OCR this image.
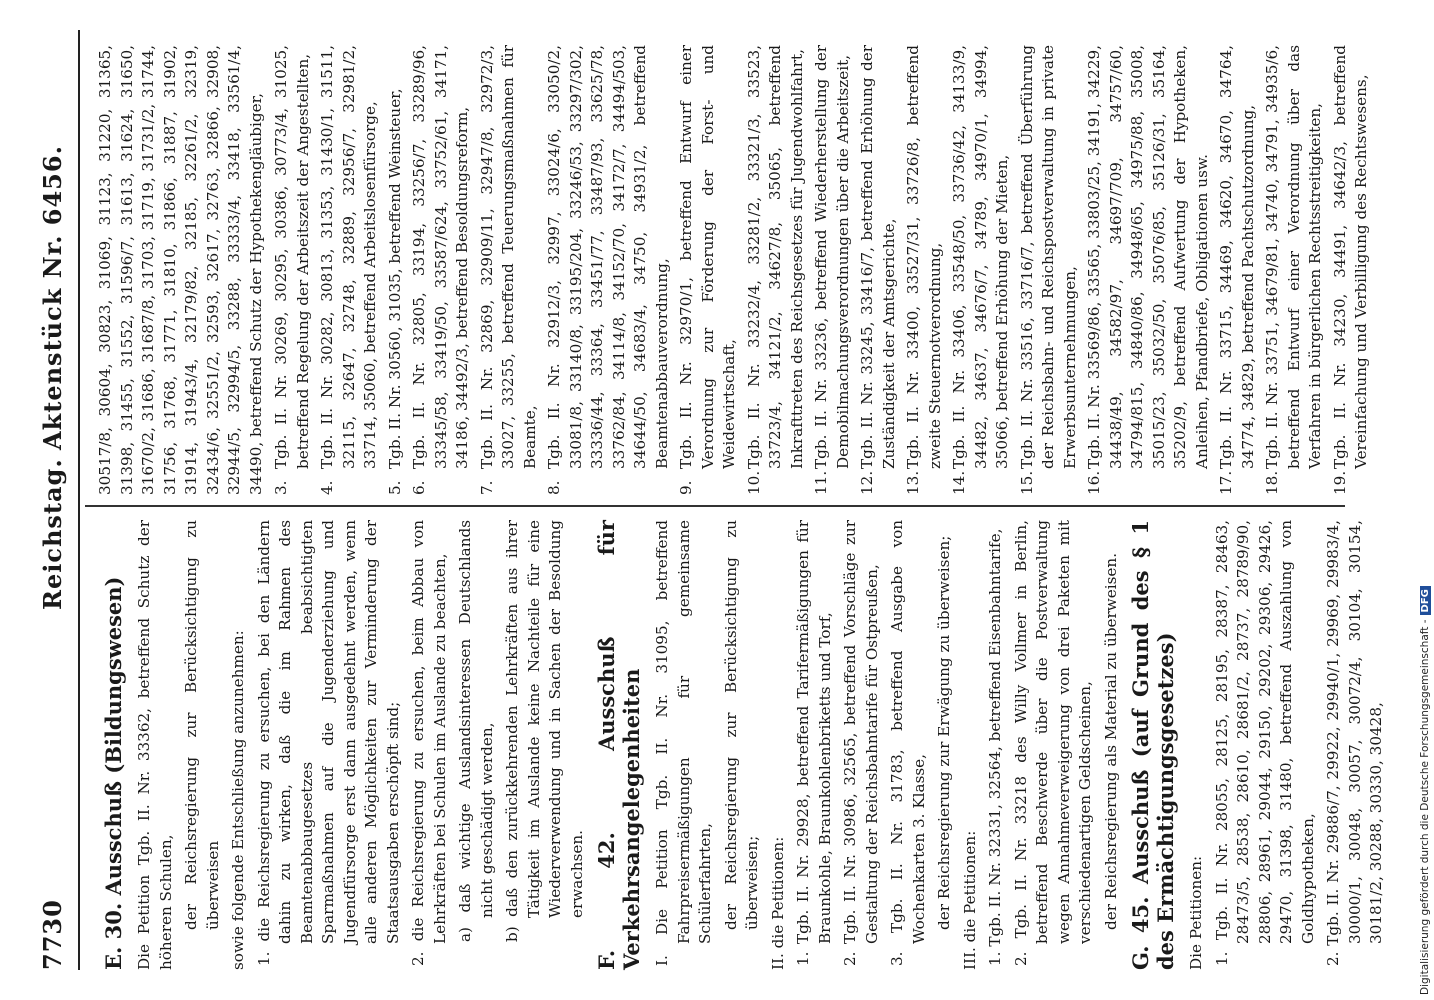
7730
Reichstag.
Aktenstück Nr. 6456.

E. 30. Ausschuß (Bildungswesen) Die Petition Tgb. II. Nr. 33362, betreffend Schutz der höheren Schulen, der Reichsregierung zur Berücksichtigung zu überweisen sowie folgende Entschließung anzunehmen: 1. die Reichsregierung zu ersuchen, bei den Ländern dahin zu wirken, daß die im Rahmen des Beamtenabbaugesetzes beabsichtigten Sparmaßnahmen auf die Jugenderziehung und Jugendfürsorge erst dann ausgedehnt werden, wenn alle anderen Möglichkeiten zur Verminderung der Staatsausgaben erschöpft sind; 2. die Reichsregierung zu ersuchen, beim Abbau von Lehrkräften bei Schulen im Auslande zu beachten, a) daß wichtige Auslandsinteressen Deutschlands nicht geschädigt werden, b) daß den zurückkehrenden Lehrkräften aus ihrer Tätigkeit im Auslande keine Nachteile für eine Wiederverwendung und in Sachen der Besoldung erwachsen. F. 42. Ausschuß für Verkehrsangelegenheiten I. Die Petition Tgb. II. Nr. 31095, betreffend Fahrpreisermäßigungen für gemeinsame Schülerfahrten, der Reichsregierung zur Berücksichtigung zu überweisen; II. die Petitionen: 1. Tgb. II. Nr. 29928, betreffend Tarifermäßigungen für Braunkohle, Braunkohlenbriketts und Torf, 2. Tgb. II. Nr. 30986, 32565, betreffend Vorschläge zur Gestaltung der Reichsbahntarife für Ostpreußen, 3. Tgb. II. Nr. 31783, betreffend Ausgabe von Wochenkarten 3. Klasse, der Reichsregierung zur Erwägung zu überweisen; III. die Petitionen: 1. Tgb. II. Nr. 32331, 32564, betreffend Eisenbahntarife, 2. Tgb. II. Nr. 33218 des Willy Vollmer in Berlin, betreffend Beschwerde über die Postverwaltung wegen Annahmeverweigerung von drei Paketen mit verschiedenartigen Geldscheinen, der Reichsregierung als Material zu überweisen. G. 45. Ausschuß (auf Grund des § 1 des Ermächtigungsgesetzes) Die Petitionen: 1. Tgb. II. Nr. 28055, 28125, 28195, 28387, 28463, 28473/5, 28538, 28610, 28681/2, 28737, 28789/90, 28806, 28961, 29044, 29150, 29202, 29306, 29426, 29470, 31398, 31480, betreffend Auszahlung von Goldhypotheken, 2. Tgb. II. Nr. 29886/7, 29922, 29940/1, 29969, 29983/4, 30000/1, 30048, 30057, 30072/4, 30104, 30154, 30181/2, 30288, 30330, 30428,

30517/8, 30604, 30823, 31069, 31123, 31220, 31365, 31398, 31455, 31552, 31596/7, 31613, 31624, 31650, 31670/2, 31686, 31687/8, 31703, 31719, 31731/2, 31744, 31756, 31768, 31771, 31810, 31866, 31887, 31902, 31914, 31943/4, 32179/82, 32185, 32261/2, 32319, 32434/6, 32551/2, 32593, 32617, 32763, 32866, 32908, 32944/5, 32994/5, 33288, 33333/4, 33418, 33561/4, 34490, betreffend Schutz der Hypothekengläubiger, 3.
Tgb. II. Nr. 30269, 30295, 30386, 30773/4, 31025, betreffend Regelung der Arbeitszeit der Angestellten,
4.
Tgb. II. Nr. 30282, 30813, 31353, 31430/1, 31511, 32115, 32647, 32748, 32889, 32956/7, 32981/2, 33714, 35060, betreffend Arbeitslosenfürsorge,
5.
Tgb. II. Nr. 30560, 31035, betreffend Weinsteuer,
6.
Tgb. II. Nr. 32805, 33194, 33256/7, 33289/96, 33345/58, 33419/50, 33587/624, 33752/61, 34171, 34186, 34492/3, betreffend Besoldungsreform,
7.
Tgb. II. Nr. 32869, 32909/11, 32947/8, 32972/3, 33027, 33255, betreffend Teuerungsmaßnahmen für Beamte,
8.
Tgb. II. Nr. 32912/3, 32997, 33024/6, 33050/2, 33081/8, 33140/8, 33195/204, 33246/53, 33297/302, 33336/44, 33364, 33451/77, 33487/93, 33625/78, 33762/84, 34114/8, 34152/70, 34172/7, 34494/503, 34644/50, 34683/4, 34750, 34931/2, betreffend Beamtenabbauverordnung,
9.
Tgb. II. Nr. 32970/1, betreffend Entwurf einer Verordnung zur Förderung der Forst- und Weidewirtschaft,
10.
Tgb. II. Nr. 33232/4, 33281/2, 33321/3, 33523, 33723/4, 34121/2, 34627/8, 35065, betreffend Inkrafttreten des Reichsgesetzes für Jugendwohlfahrt,
11.
Tgb. II. Nr. 33236, betreffend Wiederherstellung der Demobilmachungsverordnungen über die Arbeitszeit,
12.
Tgb. II. Nr. 33245, 33416/7, betreffend Erhöhung der Zuständigkeit der Amtsgerichte,
13.
Tgb. II. Nr. 33400, 33527/31, 33726/8, betreffend zweite Steuernotverordnung,
14.
Tgb. II. Nr. 33406, 33548/50, 33736/42, 34133/9, 34482, 34637, 34676/7, 34789, 34970/1, 34994, 35066, betreffend Erhöhung der Mieten,
15.
Tgb. II. Nr. 33516, 33716/7, betreffend Überführung der Reichsbahn- und Reichspostverwaltung in private Erwerbsunternehmungen,
16.
Tgb. II. Nr. 33569/86, 33565, 33803/25, 34191, 34229, 34438/49, 34582/97, 34697/709, 34757/60, 34794/815, 34840/86, 34948/65, 34975/88, 35008, 35015/23, 35032/50, 35076/85, 35126/31, 35164, 35202/9, betreffend Aufwertung der Hypotheken, Anleihen, Pfandbriefe, Obligationen usw.
17.
Tgb. II. Nr. 33715, 34469, 34620, 34670, 34764, 34774, 34829, betreffend Pachtschutzordnung,
18.
Tgb. II. Nr. 33751, 34679/81, 34740, 34791, 34935/6, betreffend Entwurf einer Verordnung über das Verfahren in bürgerlichen Rechtsstreitigkeiten,
19.
Tgb. II. Nr. 34230, 34491, 34642/3, betreffend Vereinfachung und Verbilligung des Rechtswesens,
Digitalisierung gefördert durch die Deutsche Forschungsgemeinschaft -DFG
